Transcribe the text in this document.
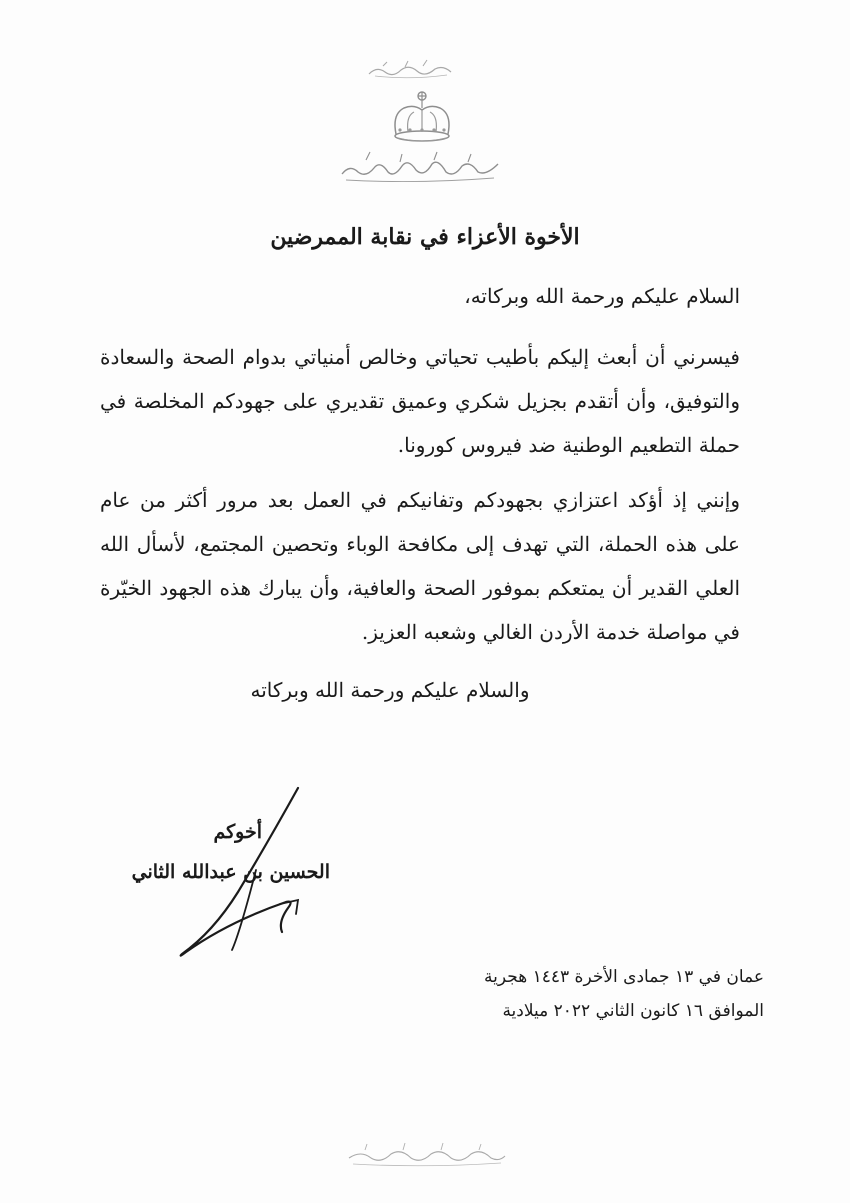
الأخوة الأعزاء في نقابة الممرضين
السلام عليكم ورحمة الله وبركاته،
فيسرني أن أبعث إليكم بأطيب تحياتي وخالص أمنياتي بدوام الصحة والسعادة والتوفيق، وأن أتقدم بجزيل شكري وعميق تقديري على جهودكم المخلصة في حملة التطعيم الوطنية ضد فيروس كورونا.
وإنني إذ أؤكد اعتزازي بجهودكم وتفانيكم في العمل بعد مرور أكثر من عام على هذه الحملة، التي تهدف إلى مكافحة الوباء وتحصين المجتمع، لأسأل الله العلي القدير أن يمتعكم بموفور الصحة والعافية، وأن يبارك هذه الجهود الخيّرة في مواصلة خدمة الأردن الغالي وشعبه العزيز.
والسلام عليكم ورحمة الله وبركاته
أخوكم
الحسين بن عبدالله الثاني
عمان في ١٣ جمادى الأخرة ١٤٤٣ هجرية
الموافق ١٦ كانون الثاني ٢٠٢٢ ميلادية
